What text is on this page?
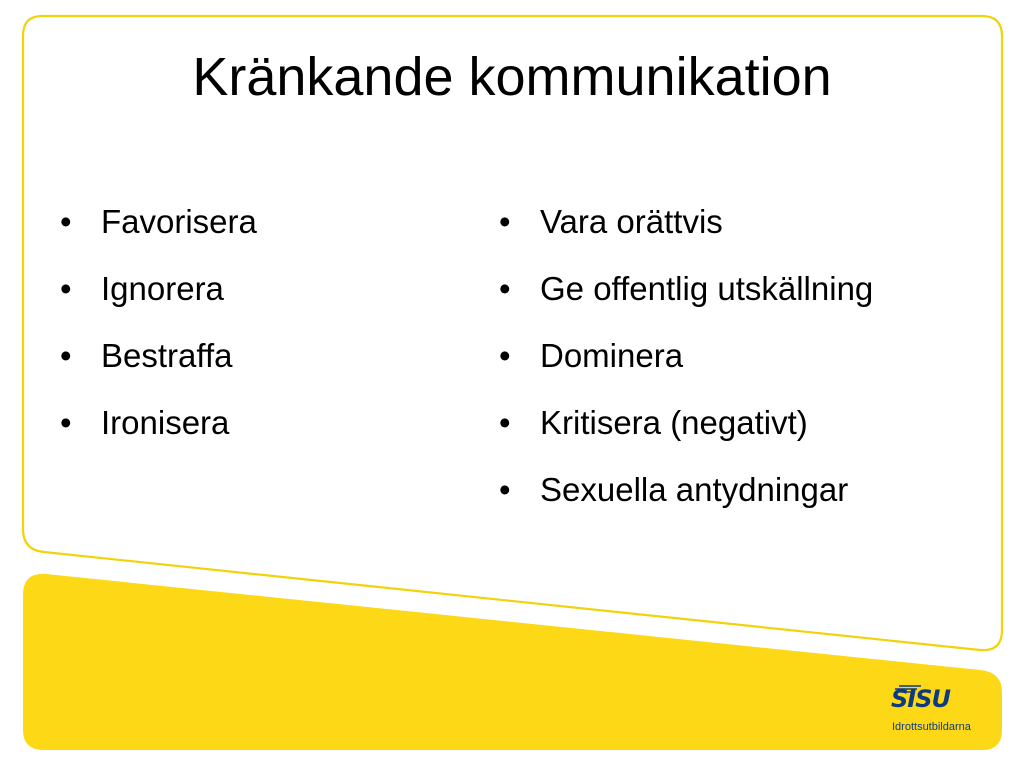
Kränkande kommunikation
• Favorisera
• Ignorera
• Bestraffa
• Ironisera
• Vara orättvis
• Ge offentlig utskällning
• Dominera
• Kritisera (negativt)
• Sexuella antydningar
SISU
Idrottsutbildarna
